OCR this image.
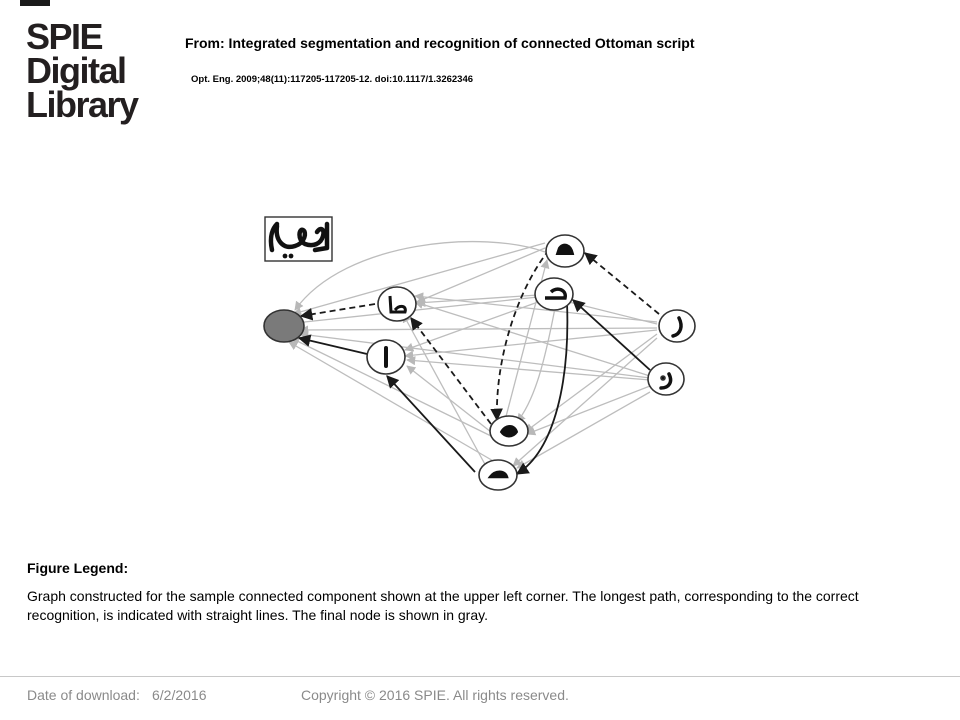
SPIE
Digital
Library
From: Integrated segmentation and recognition of connected Ottoman script
Opt. Eng. 2009;48(11):117205-117205-12. doi:10.1117/1.3262346
Figure Legend:
Graph constructed for the sample connected component shown at the upper left corner. The longest path, corresponding to the correct recognition, is indicated with straight lines. The final node is shown in gray.
Date of download: 6/2/2016	Copyright © 2016 SPIE. All rights reserved.
